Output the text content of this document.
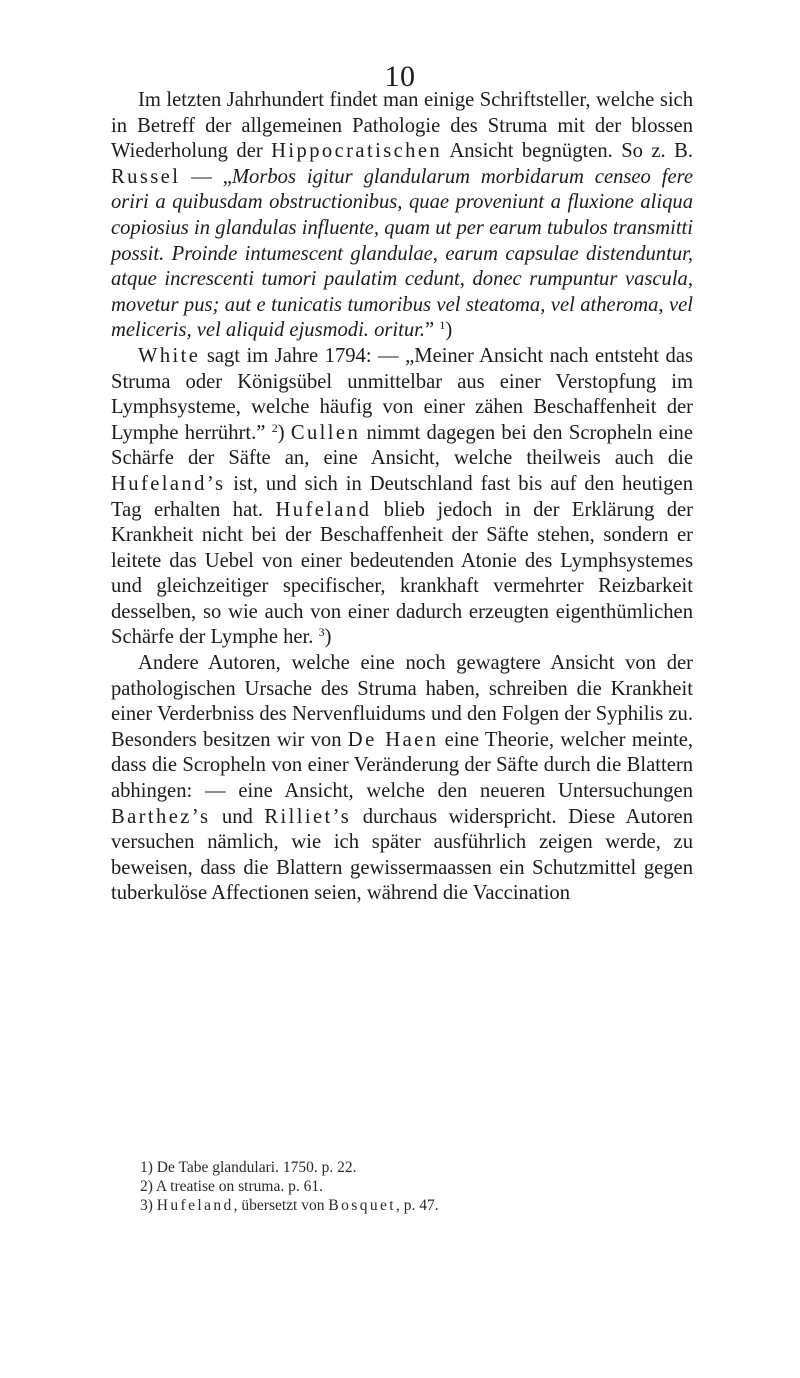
10

Im letzten Jahrhundert findet man einige Schriftsteller, welche sich in Betreff der allgemeinen Pathologie des Struma mit der blossen Wiederholung der Hippocratischen Ansicht begnügten. So z. B. Russel — „Morbos igitur glandularum morbidarum censeo fere oriri a quibusdam obstructionibus, quae proveniunt a fluxione aliqua copiosius in glandulas influente, quam ut per earum tubulos transmitti possit. Proinde intumescent glandulae, earum capsulae distenduntur, atque increscenti tumori paulatim cedunt, donec rumpuntur vascula, movetur pus; aut e tunicatis tumoribus vel steatoma, vel atheroma, vel meliceris, vel aliquid ejusmodi. oritur.” $^1$)

White sagt im Jahre 1794: — „Meiner Ansicht nach entsteht das Struma oder Königsübel unmittelbar aus einer Verstopfung im Lymphsysteme, welche häufig von einer zähen Beschaffenheit der Lymphe herrührt.” $^2$) Cullen nimmt dagegen bei den Scropheln eine Schärfe der Säfte an, eine Ansicht, welche theilweis auch die Hufeland’s ist, und sich in Deutschland fast bis auf den heutigen Tag erhalten hat. Hufeland blieb jedoch in der Erklärung der Krankheit nicht bei der Beschaffenheit der Säfte stehen, sondern er leitete das Uebel von einer bedeutenden Atonie des Lymphsystemes und gleichzeitiger specifischer, krankhaft vermehrter Reizbarkeit desselben, so wie auch von einer dadurch erzeugten eigenthümlichen Schärfe der Lymphe her. $^3$)

Andere Autoren, welche eine noch gewagtere Ansicht von der pathologischen Ursache des Struma haben, schreiben die Krankheit einer Verderbniss des Nervenfluidums und den Folgen der Syphilis zu. Besonders besitzen wir von De Haen eine Theorie, welcher meinte, dass die Scropheln von einer Veränderung der Säfte durch die Blattern abhingen: — eine Ansicht, welche den neueren Untersuchungen Barthez’s und Rilliet’s durchaus widerspricht. Diese Autoren versuchen nämlich, wie ich später ausführlich zeigen werde, zu beweisen, dass die Blattern gewissermaassen ein Schutzmittel gegen tuberkulöse Affectionen seien, während die Vaccination

1) De Tabe glandulari. 1750. p. 22.

2) A treatise on struma. p. 61.

3) Hufeland, übersetzt von Bosquet, p. 47.
